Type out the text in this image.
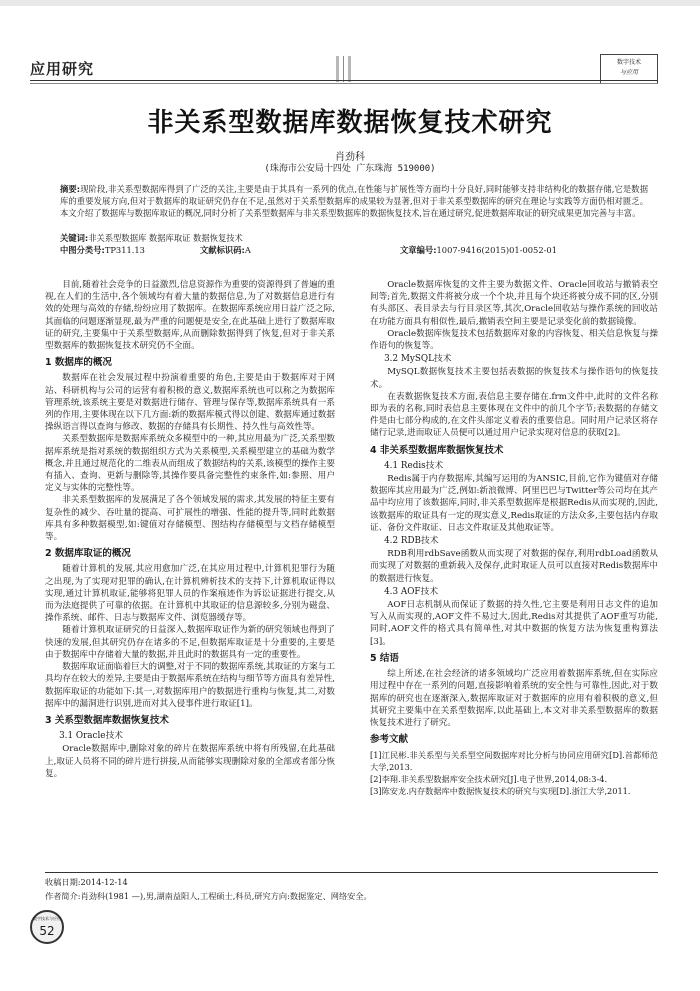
应用研究	数字技术
与应用
非关系型数据库数据恢复技术研究
肖劲科
(珠海市公安局十四处 广东珠海 519000)
摘要:现阶段,非关系型数据库得到了广泛的关注,主要是由于其具有一系列的优点,在性能与扩展性等方面均十分良好,同时能够支持非结构化的数据存储,它是数据库的重要发展方向,但对于数据库的取证研究仍存在不足,虽然对于关系型数据库的成果较为显著,但对于非关系型数据库的研究在理论与实践等方面仍相对匮乏。本文介绍了数据库与数据库取证的概况,同时分析了关系型数据库与非关系型数据库的数据恢复技术,旨在通过研究,促进数据库取证的研究成果更加完善与丰富。
关键词:非关系型数据库 数据库取证 数据恢复技术
中图分类号:TP311.13	文献标识码:A	文章编号:1007-9416(2015)01-0052-01

目前,随着社会竞争的日益激烈,信息资源作为重要的资源得到了普遍的重视,在人们的生活中,各个领域均有着大量的数据信息,为了对数据信息进行有效的处理与高效的存储,纷纷应用了数据库。在数据库系统应用日益广泛之际,其面临的问题逐渐显现,最为严重的问题便是安全,在此基础上进行了数据库取证的研究,主要集中于关系型数据库,从而删除数据得到了恢复,但对于非关系型数据库的数据恢复技术研究仍不全面。

1 数据库的概况

数据库在社会发展过程中扮演着重要的角色,主要是由于数据库对于网站、科研机构与公司的运营有着积极的意义,数据库系统也可以称之为数据库管理系统,该系统主要是对数据进行储存、管理与保存等,数据库系统具有一系列的作用,主要体现在以下几方面:新的数据库模式得以创建、数据库通过数据操纵语言得以查询与修改、数据的存储具有长期性、持久性与高效性等。

关系型数据库是数据库系统众多模型中的一种,其应用最为广泛,关系型数据库系统是指对系统的数据组织方式为关系模型,关系模型建立的基础为数学概念,并且通过规范化的二维表从而组成了数据结构的关系,该模型的操作主要有插入、查询、更新与删除等,其操作要具备完整性约束条件,如:参照、用户定义与实体的完整性等。

非关系型数据库的发展满足了各个领域发展的需求,其发展的特征主要有复杂性的减少、吞吐量的提高、可扩展性的增强、性能的提升等,同时此数据库具有多种数据模型,如:键值对存储模型、图结构存储模型与文档存储模型等。

2 数据库取证的概况

随着计算机的发展,其应用愈加广泛,在其应用过程中,计算机犯罪行为随之出现,为了实现对犯罪的确认,在计算机辨析技术的支持下,计算机取证得以实现,通过计算机取证,能够将犯罪人员的作案痕迹作为诉讼证据进行提交,从而为法庭提供了可靠的依据。在计算机中其取证的信息源较多,分别为磁盘、操作系统、邮件、日志与数据库文件、浏览器缓存等。

随着计算机取证研究的日益深入,数据库取证作为新的研究领域也得到了快速的发展,但其研究仍存在诸多的不足,但数据库取证是十分重要的,主要是由于数据库中存储着大量的数据,并且此时的数据具有一定的重要性。

数据库取证面临着巨大的调整,对于不同的数据库系统,其取证的方案与工具均存在较大的差异,主要是由于数据库系统在结构与细节等方面具有差异性,数据库取证的功能如下:其一,对数据库用户的数据进行重构与恢复,其二,对数据库中的漏洞进行识别,进而对其入侵事件进行取证[1]。

3 关系型数据库数据恢复技术
3.1 Oracle技术

Oracle数据库中,删除对象的碎片在数据库系统中将有所残留,在此基础上,取证人员将不同的碎片进行拼接,从而能够实现删除对象的全部或者部分恢复。

Oracle数据库恢复的文件主要为数据文件、Oracle回收站与撤销表空间等;首先,数据文件将被分成一个个块,并且每个块还将被分成不同的区,分别有头部区、表目录去与行目录区等,其次,Oracle回收站与操作系统的回收站在功能方面具有相似性,最后,撤销表空间主要是记录变化前的数据镜像。

Oracle数据库恢复技术包括数据库对象的内容恢复、相关信息恢复与操作语句的恢复等。

3.2 MySQL技术

MySQL数据恢复技术主要包括表数据的恢复技术与操作语句的恢复技术。

在表数据恢复技术方面,表信息主要存储在.frm文件中,此时的文件名称即为表的名称,同时表信息主要体现在文件中的前几个字节;表数据的存储文件是由七部分构成的,在文件头部定义着表的重要信息。同时用户记录区将存储行记录,进而取证人员便可以通过用户记录实现对信息的获取[2]。

4 非关系型数据库数据恢复技术
4.1 Redis技术

Redis属于内存数据库,其编写运用的为ANSIC,目前,它作为键值对存储数据库其应用最为广泛,例如:新浪微博、阿里巴巴与Twitter等公司均在其产品中均应用了该数据库,同时,非关系型数据库是根据Redis从而实现的,因此,该数据库的取证具有一定的现实意义,Redis取证的方法众多,主要包括内存取证、备份文件取证、日志文件取证及其他取证等。

4.2 RDB技术

RDB利用rdbSave函数从而实现了对数据的保存,利用rdbLoad函数从而实现了对数据的重新载入及保存,此时取证人员可以直接对Redis数据库中的数据进行恢复。

4.3 AOF技术

AOF日志机制从而保证了数据的持久性,它主要是利用日志文件的追加写入从而实现的,AOF文件不易过大,因此,Redis对其提供了AOF重写功能,同时,AOF文件的格式具有简单性,对其中数据的恢复方法为恢复重构算法[3]。

5 结语

综上所述,在社会经济的诸多领域均广泛应用着数据库系统,但在实际应用过程中存在一系列的问题,直接影响着系统的安全性与可靠性,因此,对于数据库的研究也在逐渐深入,数据库取证对于数据库的应用有着积极的意义,但其研究主要集中在关系型数据库,以此基础上,本文对非关系型数据库的数据恢复技术进行了研究。

参考文献
[1]江民彬.非关系型与关系型空间数据库对比分析与协同应用研究[D].首都师范大学,2013.
[2]李翔.非关系型数据库安全技术研究[J].电子世界,2014,08:3-4.
[3]陈安龙.内存数据库中数据恢复技术的研究与实现[D].浙江大学,2011.
收稿日期:2014-12-14
作者简介:肖劲科(1981 —),男,湖南益阳人,工程硕士,科员,研究方向:数据鉴定、网络安全。
数字技术与应用
52
